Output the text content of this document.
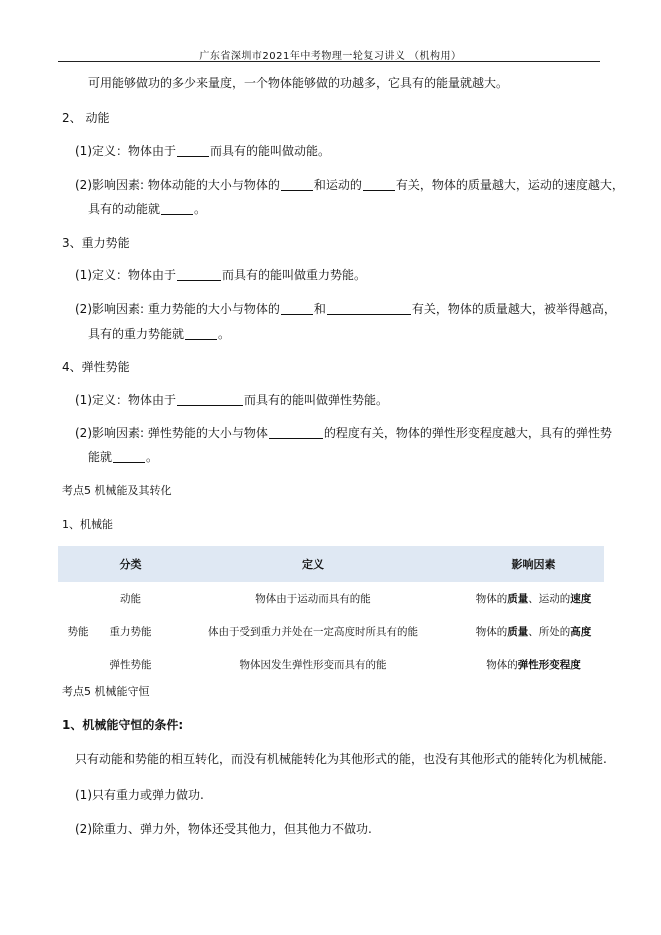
广东省深圳市2021年中考物理一轮复习讲义 （机构用）
可用能够做功的多少来量度，一个物体能够做的功越多，它具有的能量就越大。
2、 动能
(1)定义：物体由于	而具有的能叫做动能。
(2)影响因素: 物体动能的大小与物体的	和运动的	有关，物体的质量越大，运动的速度越大，
具有的动能就	。
3、重力势能
(1)定义：物体由于	而具有的能叫做重力势能。
(2)影响因素: 重力势能的大小与物体的	和	有关，物体的质量越大，被举得越高，
具有的重力势能就	。
4、弹性势能
(1)定义：物体由于	而具有的能叫做弹性势能。
(2)影响因素: 弹性势能的大小与物体	的程度有关，物体的弹性形变程度越大，具有的弹性势
能就	。
考点5 机械能及其转化
1、机械能
	分类	定义	影响因素
	动能	物体由于运动而具有的能	物体的质量、运动的速度
势能	重力势能	体由于受到重力并处在一定高度时所具有的能	物体的质量、所处的高度
	弹性势能	物体因发生弹性形变而具有的能	物体的弹性形变程度
考点5 机械能守恒
1、机械能守恒的条件:
只有动能和势能的相互转化，而没有机械能转化为其他形式的能，也没有其他形式的能转化为机械能.
(1)只有重力或弹力做功.
(2)除重力、弹力外，物体还受其他力，但其他力不做功.
